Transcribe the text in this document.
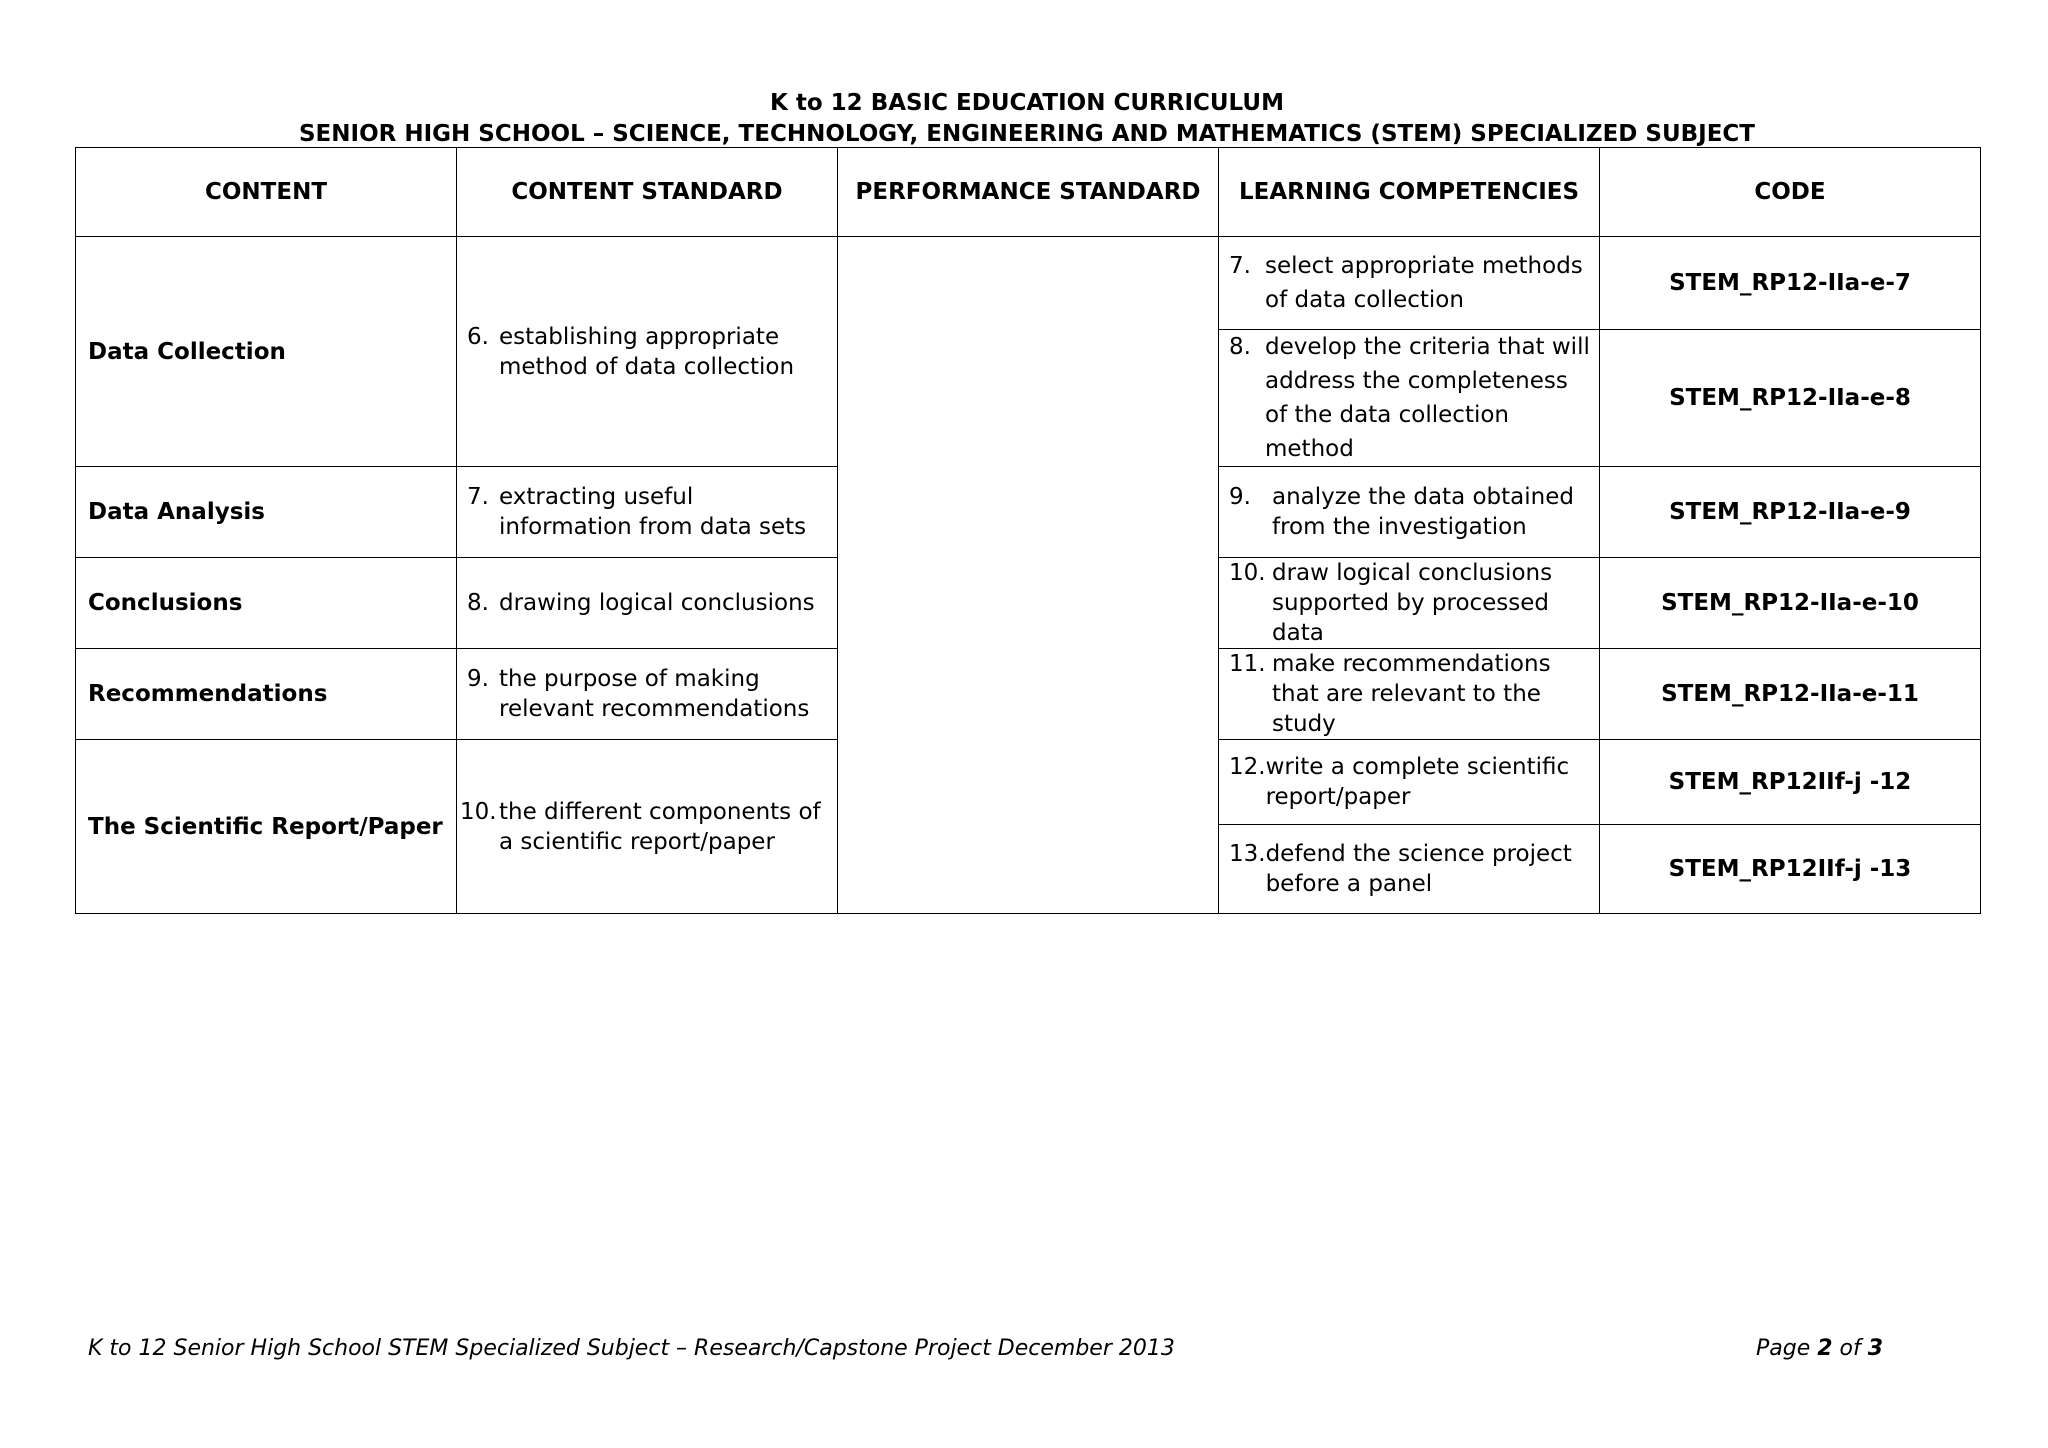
K to 12 BASIC EDUCATION CURRICULUM
SENIOR HIGH SCHOOL – SCIENCE, TECHNOLOGY, ENGINEERING AND MATHEMATICS (STEM) SPECIALIZED SUBJECT
CONTENT	CONTENT STANDARD	PERFORMANCE STANDARD	LEARNING COMPETENCIES	CODE
Data Collection	6. establishing appropriate method of data collection		7. select appropriate methods of data collection	STEM_RP12-IIa-e-7

			8. develop the criteria that will address the completeness of the data collection method	STEM_RP12-IIa-e-8
Data Analysis	7. extracting useful information from data sets		9. analyze the data obtained from the investigation	STEM_RP12-IIa-e-9
Conclusions	8. drawing logical conclusions		10. draw logical conclusions supported by processed data	STEM_RP12-IIa-e-10
Recommendations	9. the purpose of making relevant recommendations		11. make recommendations that are relevant to the study	STEM_RP12-IIa-e-11
The Scientific Report/Paper	10. the different components of a scientific report/paper		12. write a complete scientific report/paper	STEM_RP12IIf-j -12

			13. defend the science project before a panel	STEM_RP12IIf-j -13
K to 12 Senior High School STEM Specialized Subject – Research/Capstone Project December 2013	Page 2 of 3
